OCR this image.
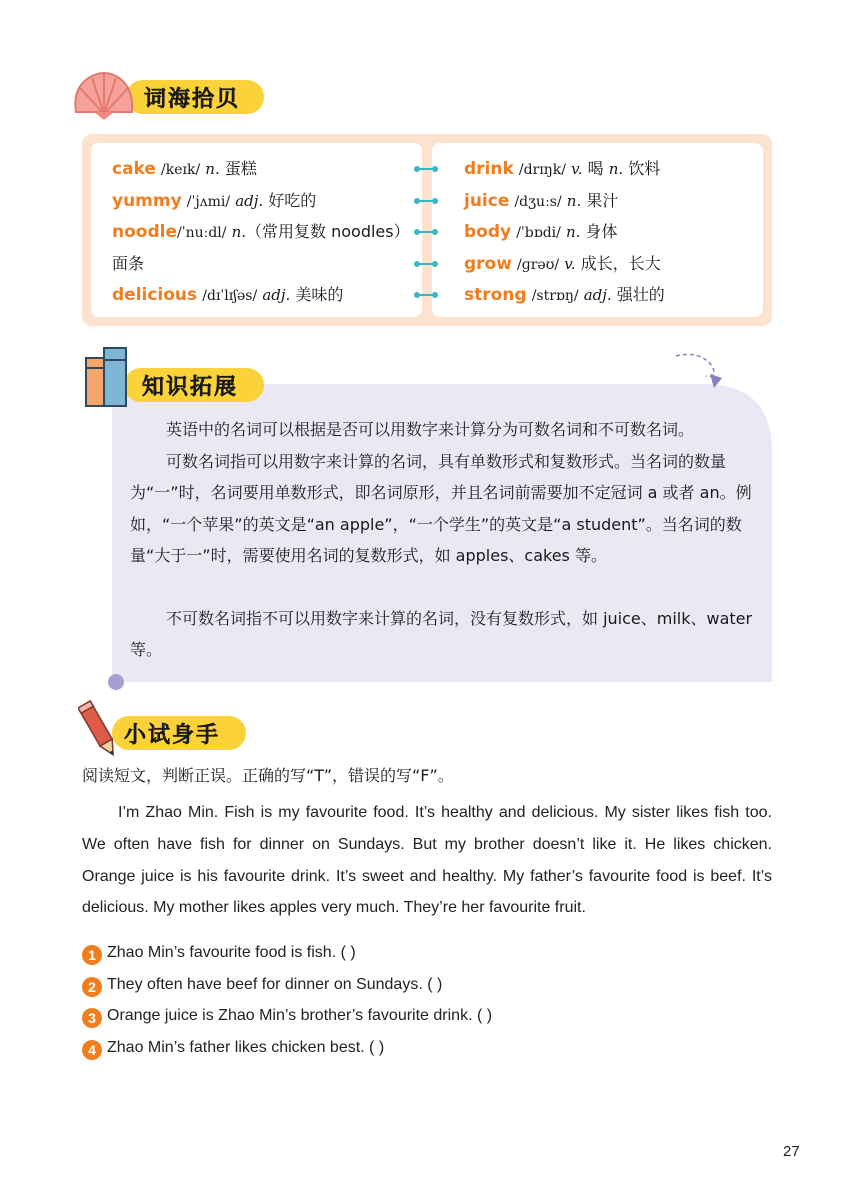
词海拾贝
cake /keɪk/ n. 蛋糕
yummy /ˈjʌmi/ adj. 好吃的
noodle/ˈnuːdl/ n.（常用复数 noodles）
面条
delicious /dɪˈlɪʃəs/ adj. 美味的
drink /drɪŋk/ v. 喝 n. 饮料
juice /dʒuːs/ n. 果汁
body /ˈbɒdi/ n. 身体
grow /ɡrəʊ/ v. 成长，长大
strong /strɒŋ/ adj. 强壮的
知识拓展

英语中的名词可以根据是否可以用数字来计算分为可数名词和不可数名词。

可数名词指可以用数字来计算的名词，具有单数形式和复数形式。当名词的数量为“一”时，名词要用单数形式，即名词原形，并且名词前需要加不定冠词 a 或者 an。例如，“一个苹果”的英文是“an apple”，“一个学生”的英文是“a student”。当名词的数量“大于一”时，需要使用名词的复数形式，如 apples、cakes 等。

不可数名词指不可以用数字来计算的名词，没有复数形式，如 juice、milk、water 等。

小试身手
阅读短文，判断正误。正确的写“T”，错误的写“F”。

I’m Zhao Min. Fish is my favourite food. It’s healthy and delicious. My sister likes fish too. We often have fish for dinner on Sundays. But my brother doesn’t like it. He likes chicken. Orange juice is his favourite drink. It’s sweet and healthy. My father’s favourite food is beef. It’s delicious. My mother likes apples very much. They’re her favourite fruit.

1 Zhao Min’s favourite food is fish. ( )
2 They often have beef for dinner on Sundays. ( )
3 Orange juice is Zhao Min’s brother’s favourite drink. ( )
4 Zhao Min’s father likes chicken best. ( )
27
